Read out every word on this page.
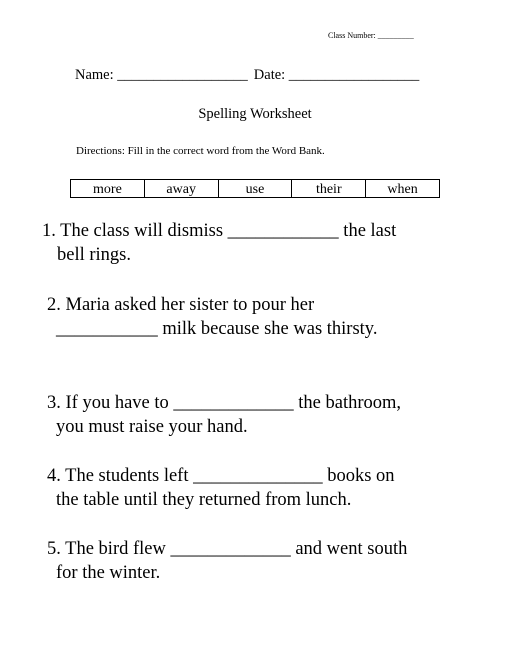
Class Number: _________
Name: __________________ Date: __________________
Spelling Worksheet
Directions: Fill in the correct word from the Word Bank.
more	away	use	their	when
1. The class will dismiss ____________ the last
bell rings.
2. Maria asked her sister to pour her
___________ milk because she was thirsty.
3. If you have to _____________ the bathroom,
you must raise your hand.
4. The students left ______________ books on
the table until they returned from lunch.
5. The bird flew _____________ and went south
for the winter.
